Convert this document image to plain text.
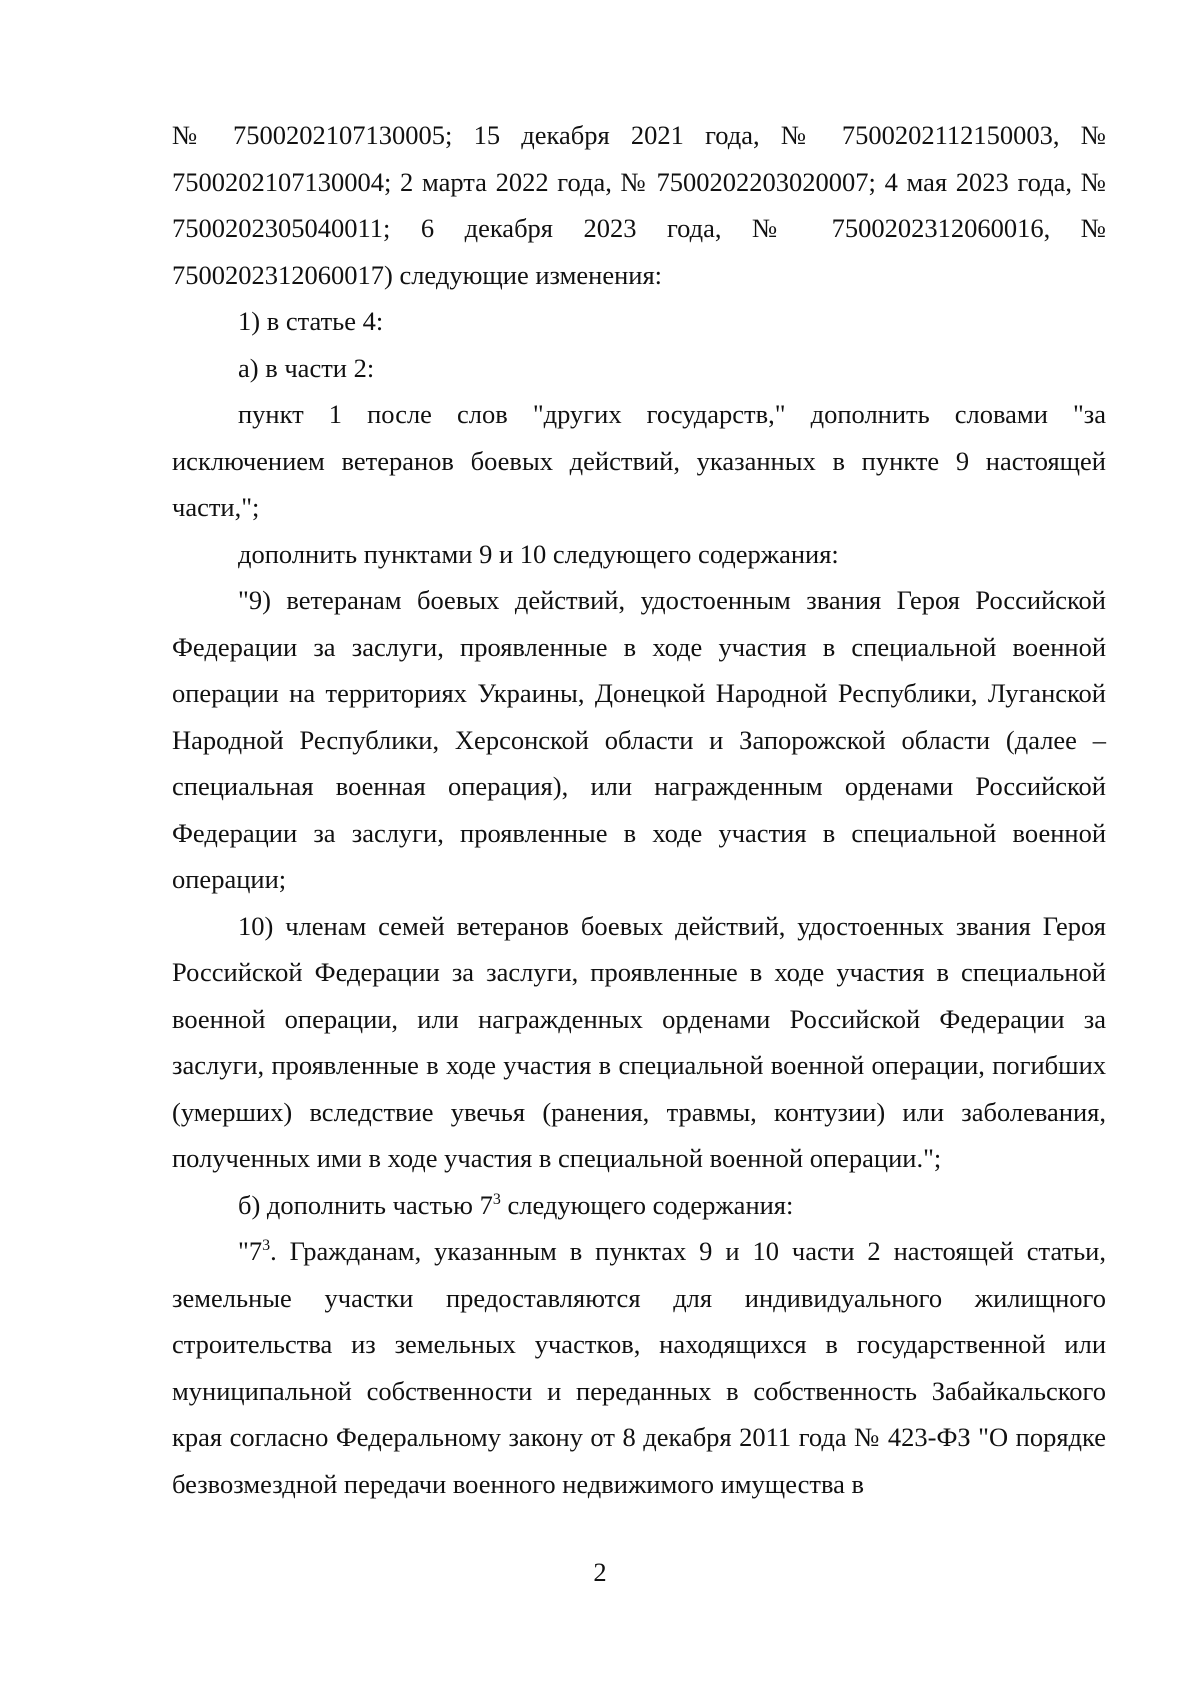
№ 7500202107130005; 15 декабря 2021 года, № 7500202112150003, № 7500202107130004; 2 марта 2022 года, № 7500202203020007; 4 мая 2023 года, № 7500202305040011; 6 декабря 2023 года, № 7500202312060016, № 7500202312060017) следующие изменения:

1) в статье 4:

а) в части 2:

пункт 1 после слов "других государств," дополнить словами "за исключением ветеранов боевых действий, указанных в пункте 9 настоящей части,";

дополнить пунктами 9 и 10 следующего содержания:

"9) ветеранам боевых действий, удостоенным звания Героя Российской Федерации за заслуги, проявленные в ходе участия в специальной военной операции на территориях Украины, Донецкой Народной Республики, Луганской Народной Республики, Херсонской области и Запорожской области (далее – специальная военная операция), или награжденным орденами Российской Федерации за заслуги, проявленные в ходе участия в специальной военной операции;

10) членам семей ветеранов боевых действий, удостоенных звания Героя Российской Федерации за заслуги, проявленные в ходе участия в специальной военной операции, или награжденных орденами Российской Федерации за заслуги, проявленные в ходе участия в специальной военной операции, погибших (умерших) вследствие увечья (ранения, травмы, контузии) или заболевания, полученных ими в ходе участия в специальной военной операции.";

б) дополнить частью $7^3$ следующего содержания:

"$7^3$. Гражданам, указанным в пунктах 9 и 10 части 2 настоящей статьи, земельные участки предоставляются для индивидуального жилищного строительства из земельных участков, находящихся в государственной или муниципальной собственности и переданных в собственность Забайкальского края согласно Федеральному закону от 8 декабря 2011 года № 423-ФЗ "О порядке безвозмездной передачи военного недвижимого имущества в

2
